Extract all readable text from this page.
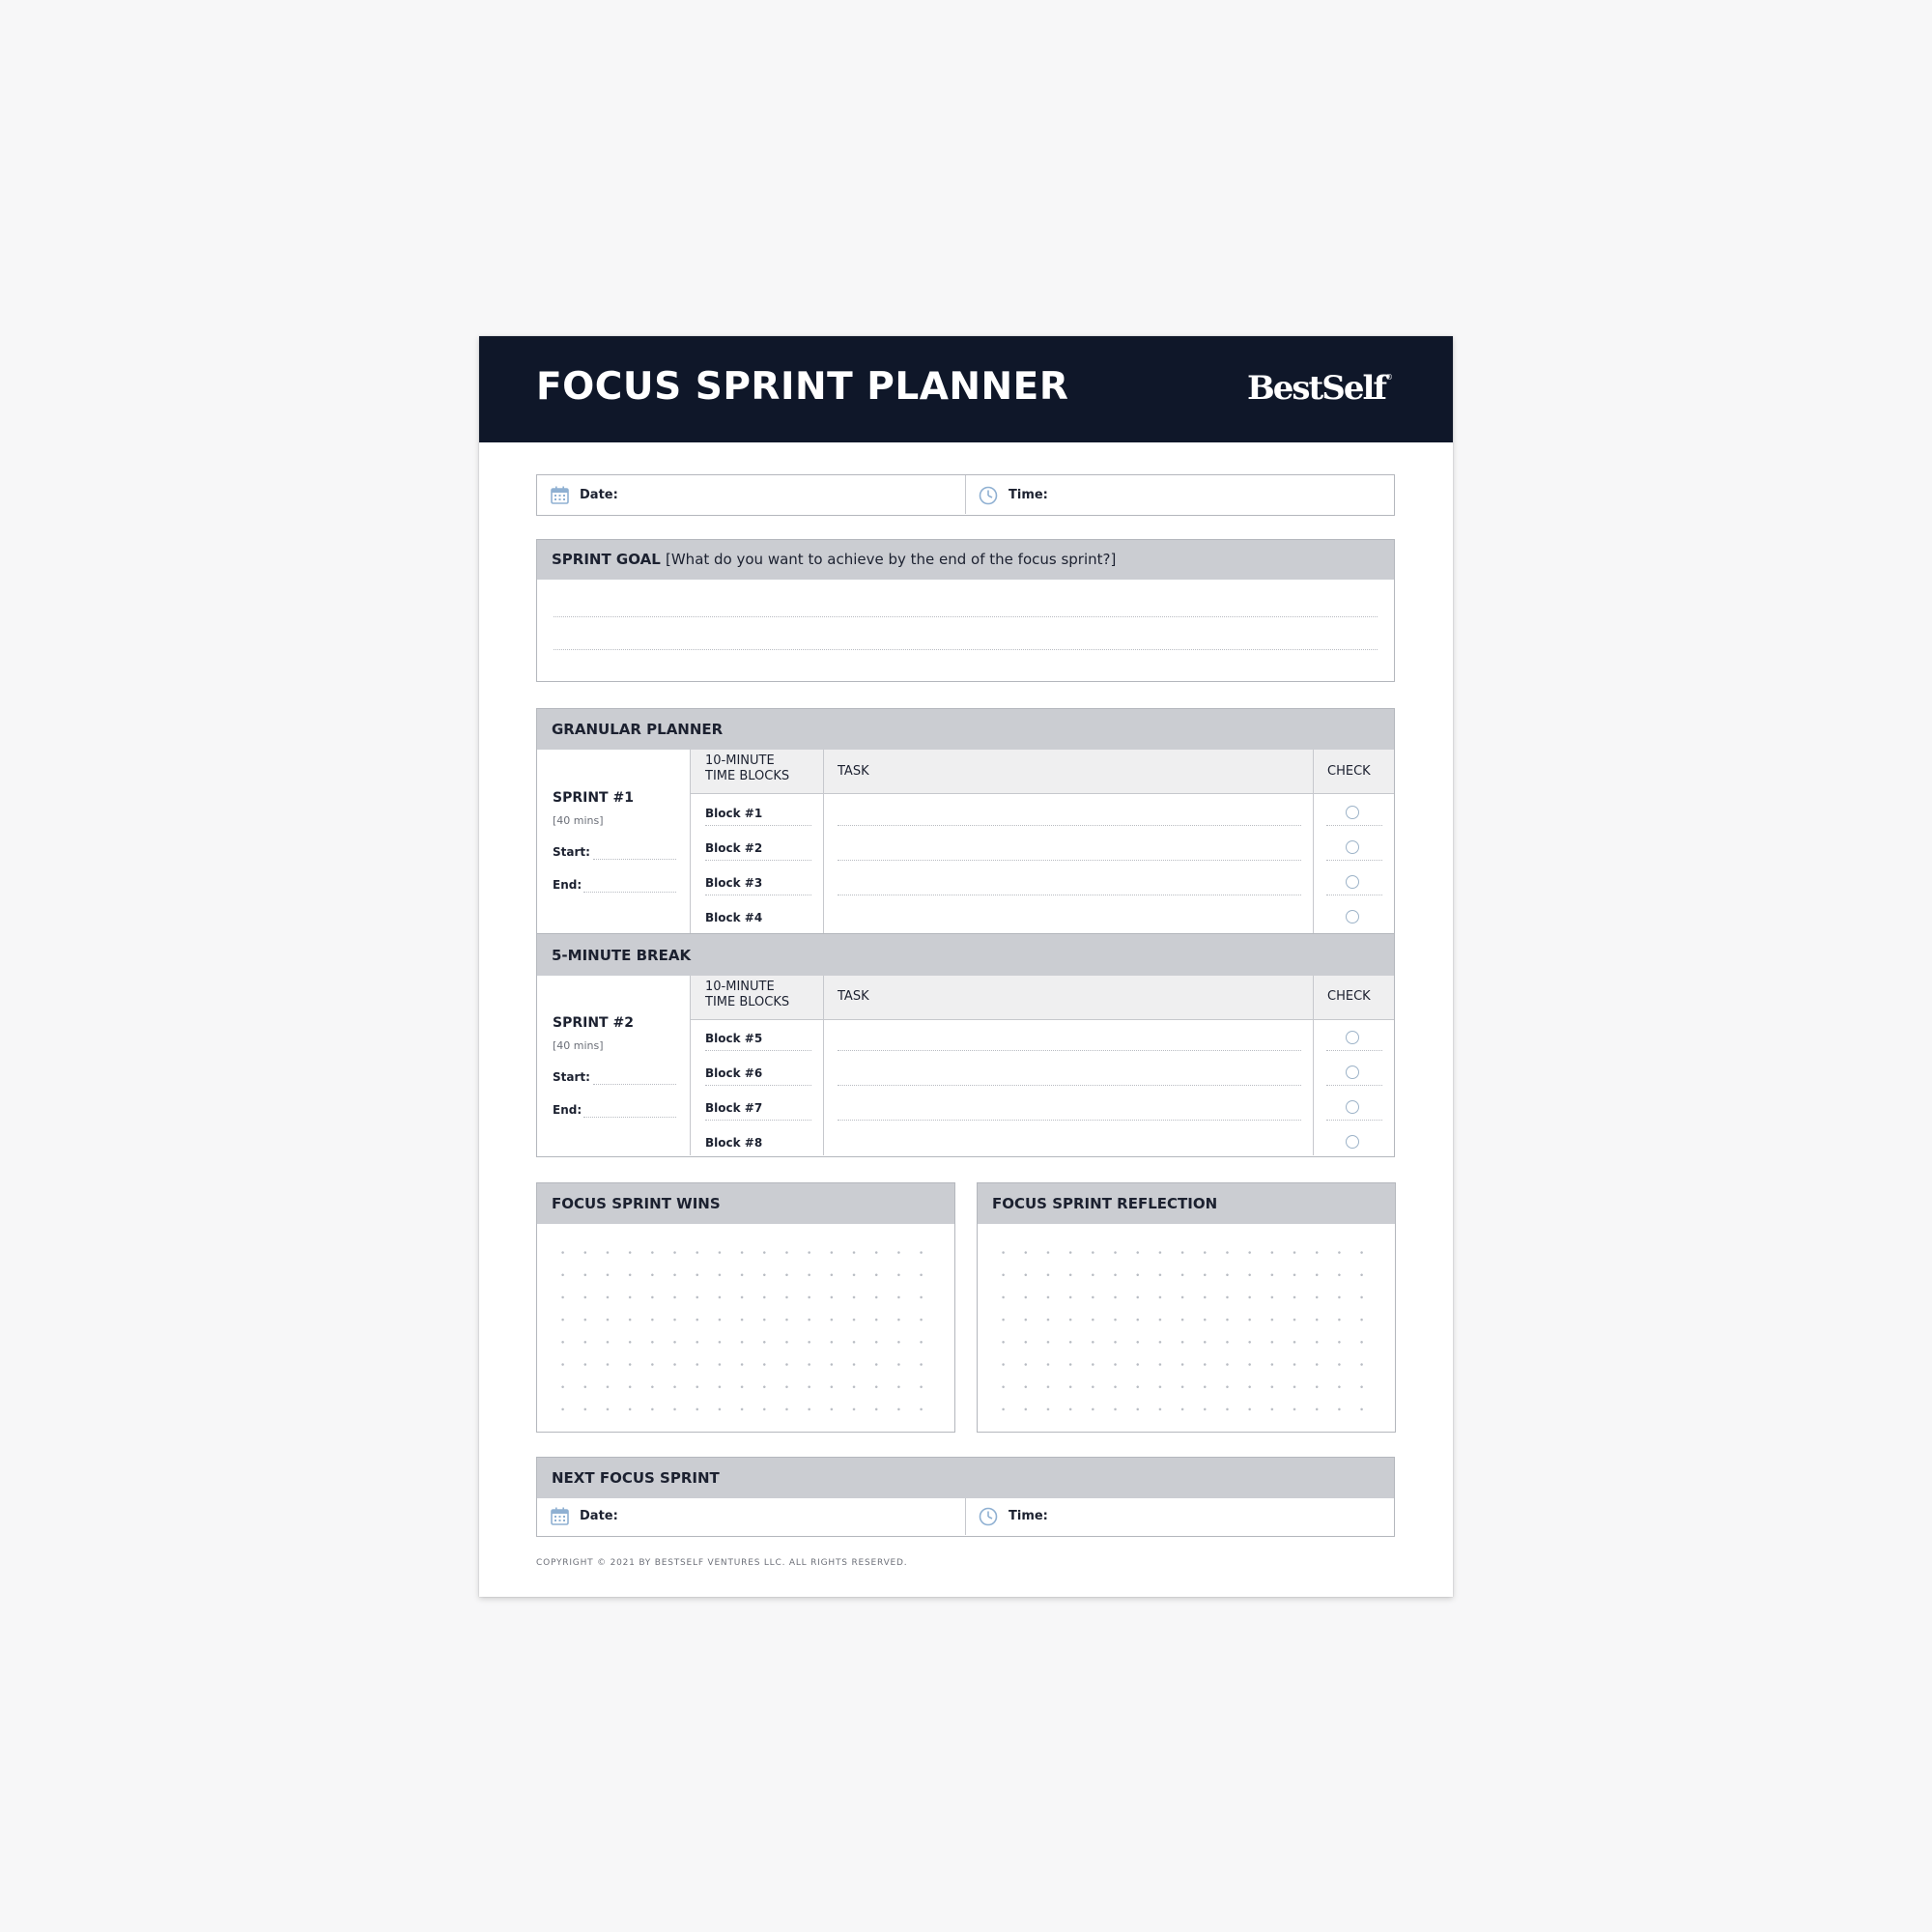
FOCUS SPRINT PLANNER	BestSelf®
Date:	Time:
SPRINT GOAL [What do you want to achieve by the end of the focus sprint?]
GRANULAR PLANNER
10-MINUTE
TIME BLOCKS	TASK	CHECK
SPRINT #1
[40 mins]
Start:
End:
Block #1
Block #2
Block #3
Block #4
5-MINUTE BREAK
10-MINUTE
TIME BLOCKS	TASK	CHECK
SPRINT #2
[40 mins]
Start:
End:
Block #5
Block #6
Block #7
Block #8
FOCUS SPRINT WINS	FOCUS SPRINT REFLECTION
NEXT FOCUS SPRINT
Date:	Time:
COPYRIGHT © 2021 BY BESTSELF VENTURES LLC. ALL RIGHTS RESERVED.
